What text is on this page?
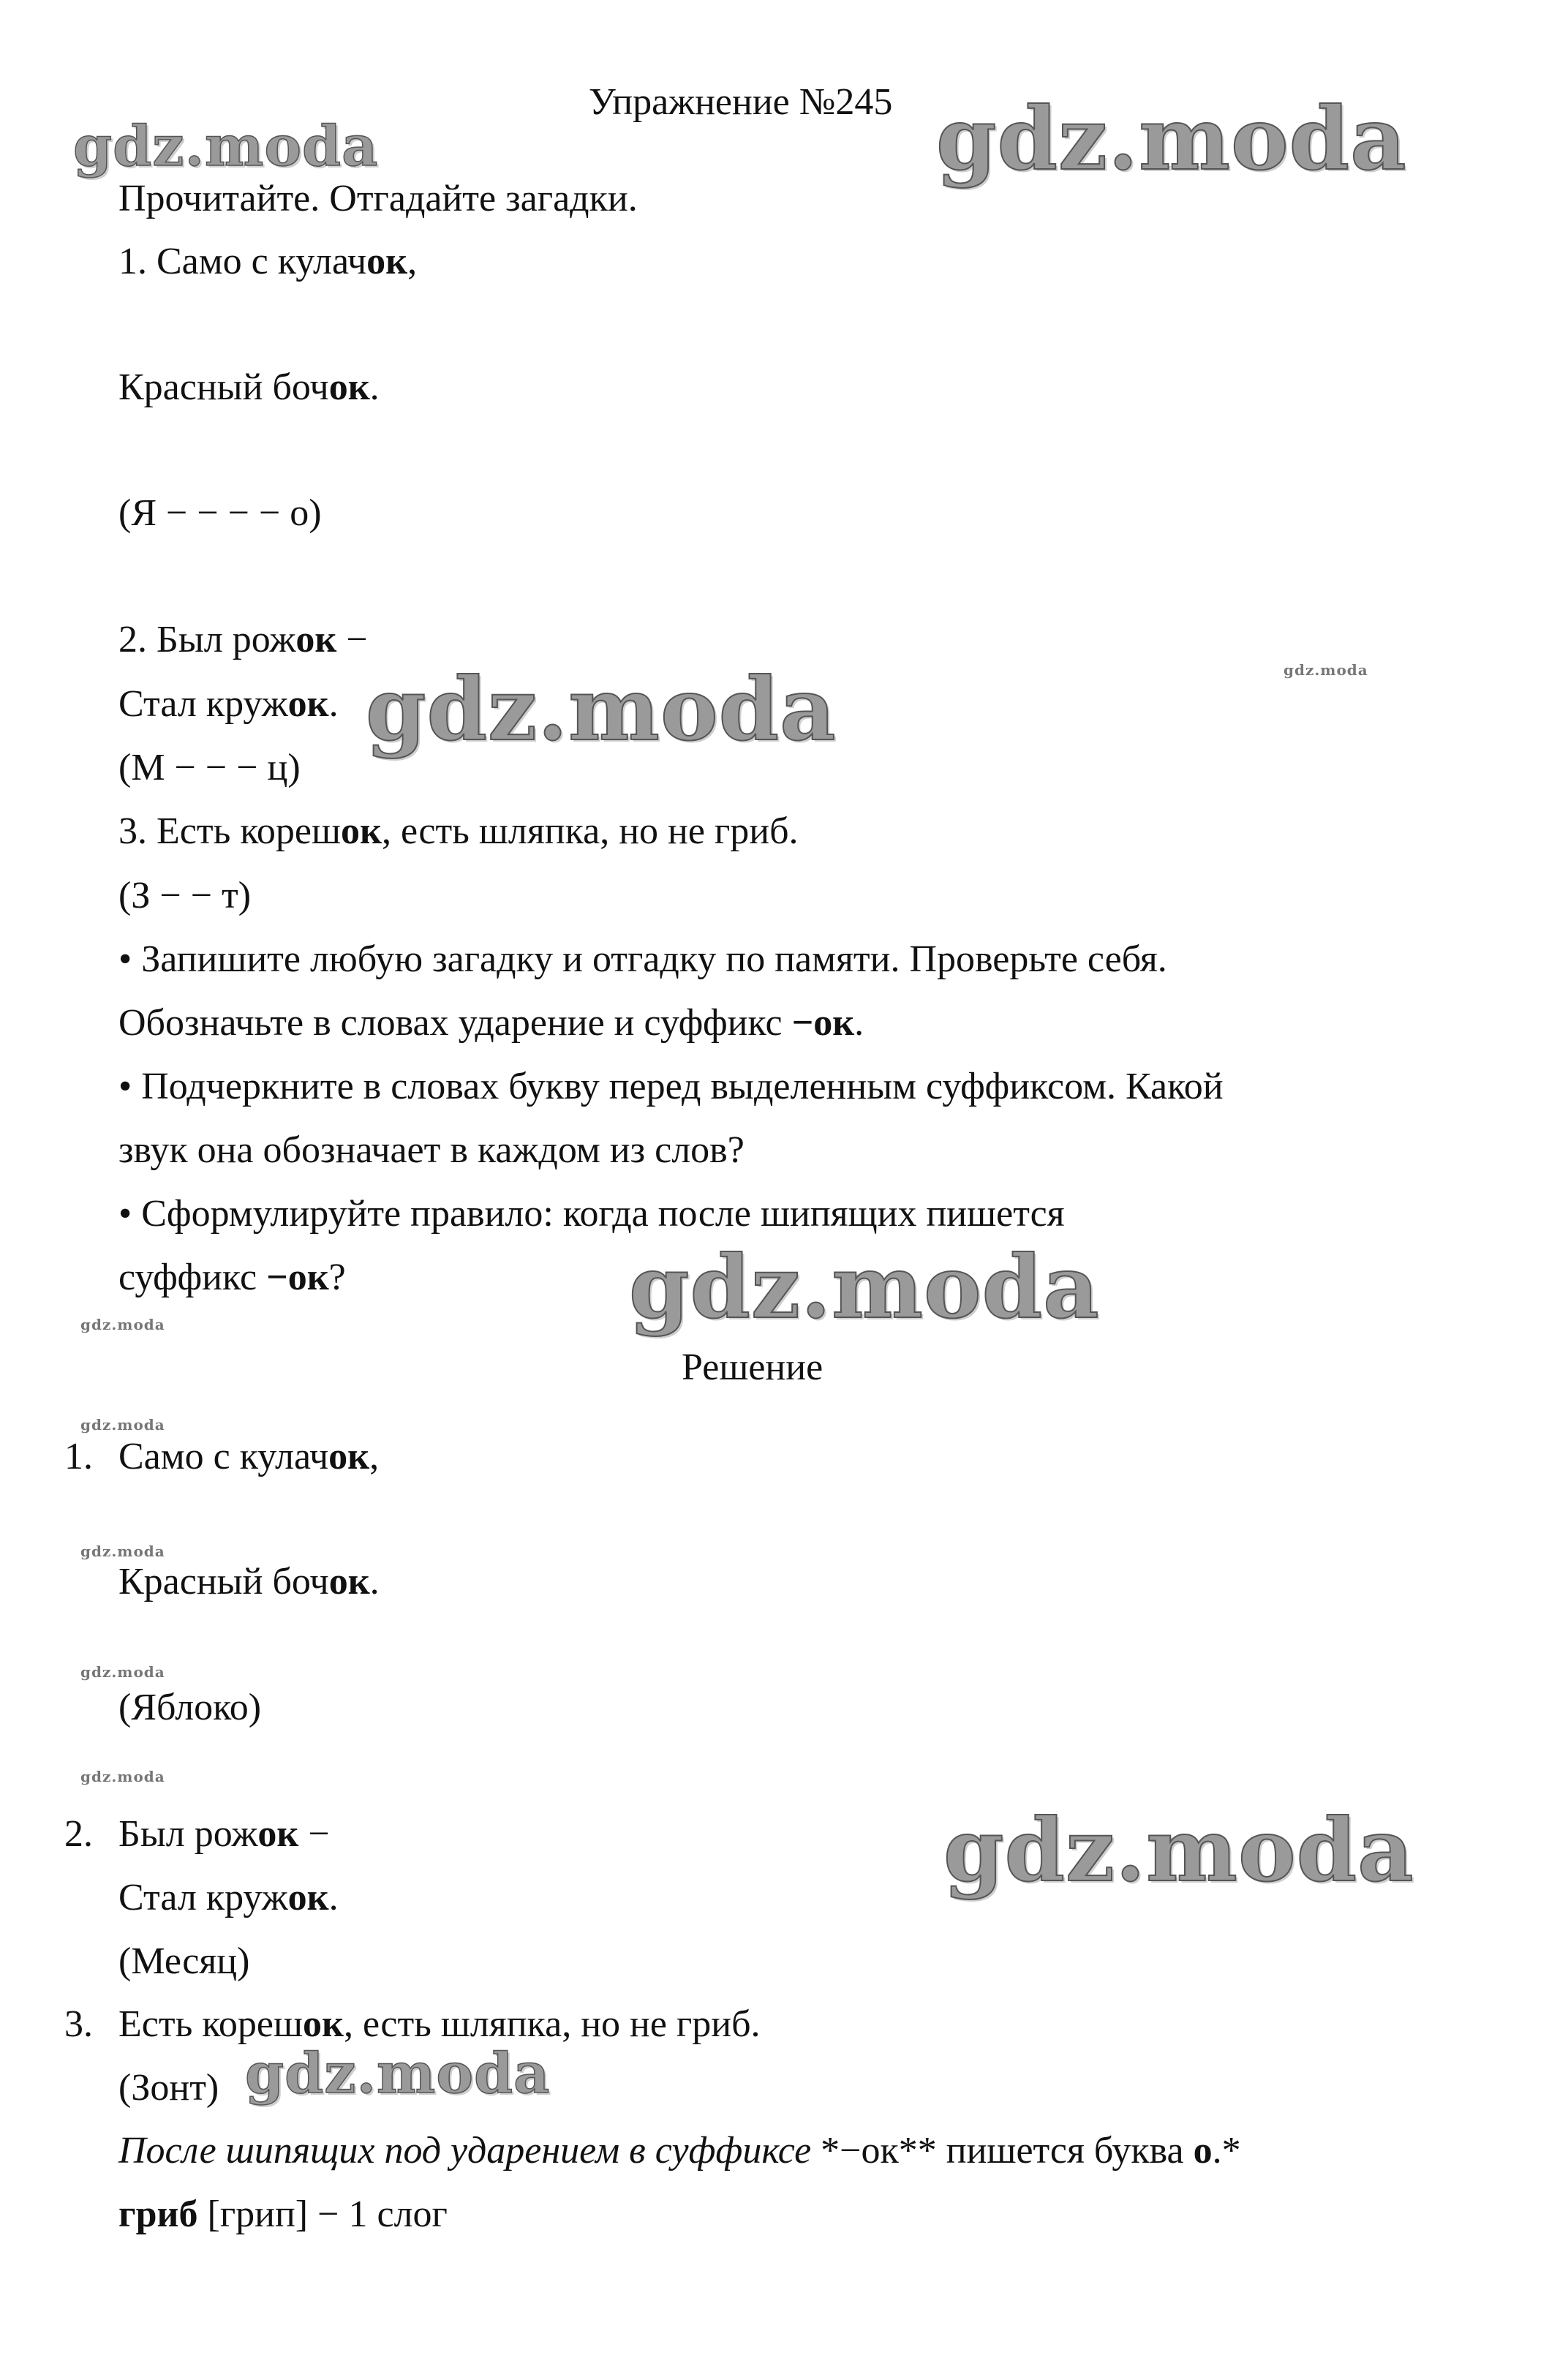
gdz.moda	gdz.moda
gdz.moda	gdz.moda
gdz.moda
gdz.moda
gdz.moda
gdz.moda
gdz.moda
gdz.moda
gdz.moda
gdz.moda
Упражнение №245
Прочитайте. Отгадайте загадки.
1. Само с кулачок,
Красный бочок.
(Я − − − − о)
2. Был рожок −
Стал кружок.
(М − − − ц)
3. Есть корешок, есть шляпка, но не гриб.
(З − − т)
• Запишите любую загадку и отгадку по памяти. Проверьте себя.
Обозначьте в словах ударение и суффикс −ок.
• Подчеркните в словах букву перед выделенным суффиксом. Какой
звук она обозначает в каждом из слов?
• Сформулируйте правило: когда после шипящих пишется
суффикс −ок?
Решение
1. Само с кулачок,
Красный бочок.
(Яблоко)
2. Был рожок −
Стал кружок.
(Месяц)
3. Есть корешок, есть шляпка, но не гриб.
(Зонт)
После шипящих под ударением в суффиксе *−ок** пишется буква о.*
гриб [грип] − 1 слог
